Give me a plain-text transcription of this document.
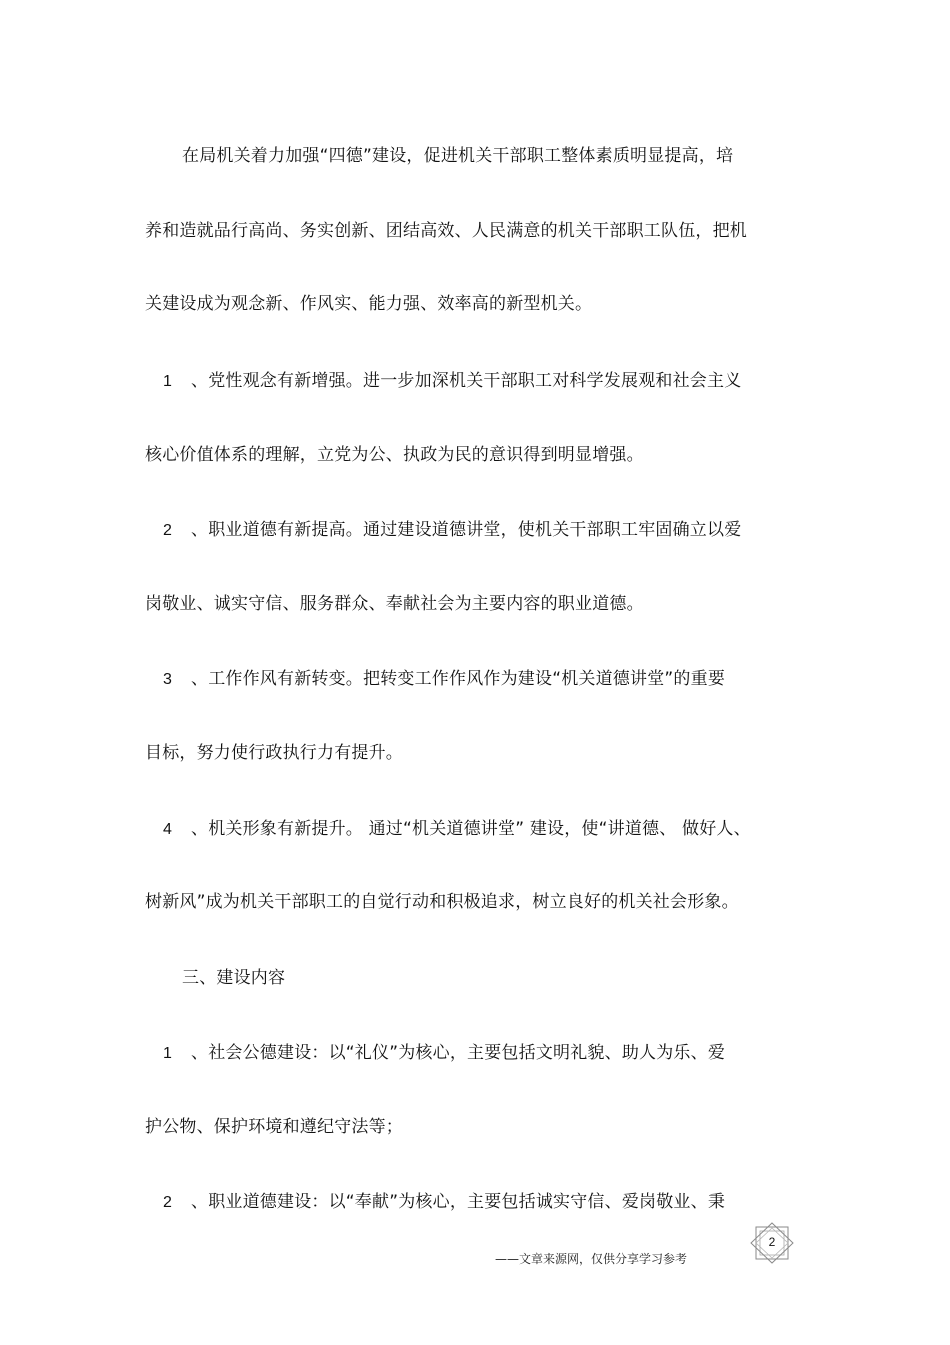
在局机关着力加强“四德”建设，促进机关干部职工整体素质明显提高，培
养和造就品行高尚、务实创新、团结高效、人民满意的机关干部职工队伍，把机
关建设成为观念新、作风实、能力强、效率高的新型机关。
1 、党性观念有新增强。进一步加深机关干部职工对科学发展观和社会主义
核心价值体系的理解，立党为公、执政为民的意识得到明显增强。
2 、职业道德有新提高。通过建设道德讲堂，使机关干部职工牢固确立以爱
岗敬业、诚实守信、服务群众、奉献社会为主要内容的职业道德。
3 、工作作风有新转变。把转变工作作风作为建设“机关道德讲堂”的重要
目标，努力使行政执行力有提升。
4 、机关形象有新提升。 通过“机关道德讲堂” 建设，使“讲道德、 做好人、
树新风”成为机关干部职工的自觉行动和积极追求，树立良好的机关社会形象。
三、建设内容
1 、社会公德建设：以“礼仪”为核心，主要包括文明礼貌、助人为乐、爱
护公物、保护环境和遵纪守法等；
2 、职业道德建设：以“奉献”为核心，主要包括诚实守信、爱岗敬业、秉
——文章来源网，仅供分享学习参考
2
